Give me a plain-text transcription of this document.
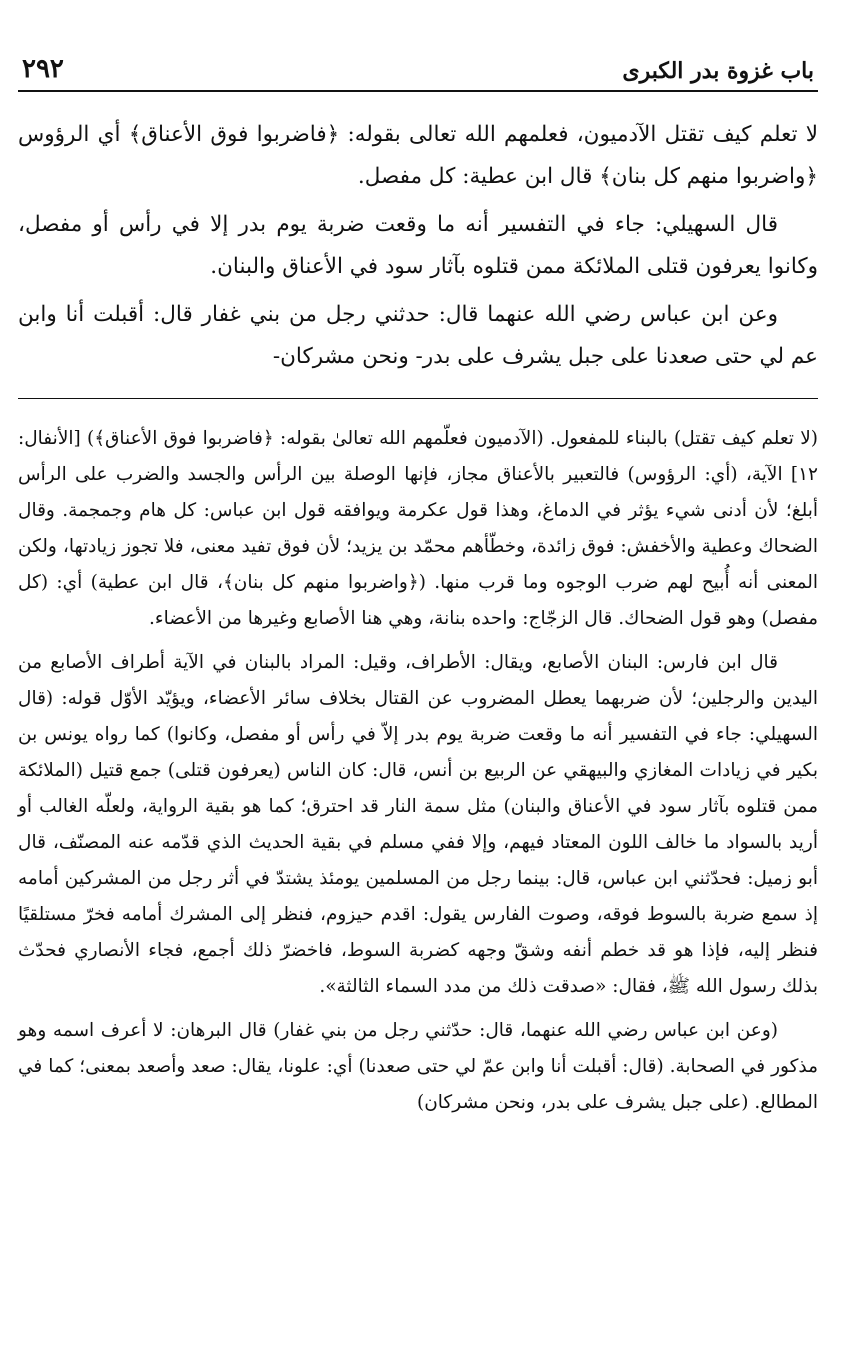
باب غزوة بدر الكبرى
٢٩٢

لا تعلم كيف تقتل الآدميون، فعلمهم الله تعالى بقوله: ﴿فاضربوا فوق الأعناق﴾ أي الرؤوس ﴿واضربوا منهم كل بنان﴾ قال ابن عطية: كل مفصل.

قال السهيلي: جاء في التفسير أنه ما وقعت ضربة يوم بدر إلا في رأس أو مفصل، وكانوا يعرفون قتلى الملائكة ممن قتلوه بآثار سود في الأعناق والبنان.

وعن ابن عباس رضي الله عنهما قال: حدثني رجل من بني غفار قال: أقبلت أنا وابن عم لي حتى صعدنا على جبل يشرف على بدر- ونحن مشركان-

(لا تعلم كيف تقتل) بالبناء للمفعول. (الآدميون فعلّمهم الله تعالىٰ بقوله: ﴿فاضربوا فوق الأعناق﴾) [الأنفال: ١٢] الآية، (أي: الرؤوس) فالتعبير بالأعناق مجاز، فإنها الوصلة بين الرأس والجسد والضرب على الرأس أبلغ؛ لأن أدنى شيء يؤثر في الدماغ، وهذا قول عكرمة ويوافقه قول ابن عباس: كل هام وجمجمة. وقال الضحاك وعطية والأخفش: فوق زائدة، وخطّأهم محمّد بن يزيد؛ لأن فوق تفيد معنى، فلا تجوز زيادتها، ولكن المعنى أنه أُبيح لهم ضرب الوجوه وما قرب منها. (﴿واضربوا منهم كل بنان﴾، قال ابن عطية) أي: (كل مفصل) وهو قول الضحاك. قال الزجّاج: واحده بنانة، وهي هنا الأصابع وغيرها من الأعضاء.

قال ابن فارس: البنان الأصابع، ويقال: الأطراف، وقيل: المراد بالبنان في الآية أطراف الأصابع من اليدين والرجلين؛ لأن ضربهما يعطل المضروب عن القتال بخلاف سائر الأعضاء، ويؤيّد الأوّل قوله: (قال السهيلي: جاء في التفسير أنه ما وقعت ضربة يوم بدر إلاّ في رأس أو مفصل، وكانوا) كما رواه يونس بن بكير في زيادات المغازي والبيهقي عن الربيع بن أنس، قال: كان الناس (يعرفون قتلى) جمع قتيل (الملائكة ممن قتلوه بآثار سود في الأعناق والبنان) مثل سمة النار قد احترق؛ كما هو بقية الرواية، ولعلّه الغالب أو أريد بالسواد ما خالف اللون المعتاد فيهم، وإلا ففي مسلم في بقية الحديث الذي قدّمه عنه المصنّف، قال أبو زميل: فحدّثني ابن عباس، قال: بينما رجل من المسلمين يومئذ يشتدّ في أثر رجل من المشركين أمامه إذ سمع ضربة بالسوط فوقه، وصوت الفارس يقول: اقدم حيزوم، فنظر إلى المشرك أمامه فخرّ مستلقيًا فنظر إليه، فإذا هو قد خطم أنفه وشقّ وجهه كضربة السوط، فاخضرّ ذلك أجمع، فجاء الأنصاري فحدّث بذلك رسول الله ﷺ، فقال: «صدقت ذلك من مدد السماء الثالثة».

(وعن ابن عباس رضي الله عنهما، قال: حدّثني رجل من بني غفار) قال البرهان: لا أعرف اسمه وهو مذكور في الصحابة. (قال: أقبلت أنا وابن عمّ لي حتى صعدنا) أي: علونا، يقال: صعد وأصعد بمعنى؛ كما في المطالع. (على جبل يشرف على بدر، ونحن مشركان)
